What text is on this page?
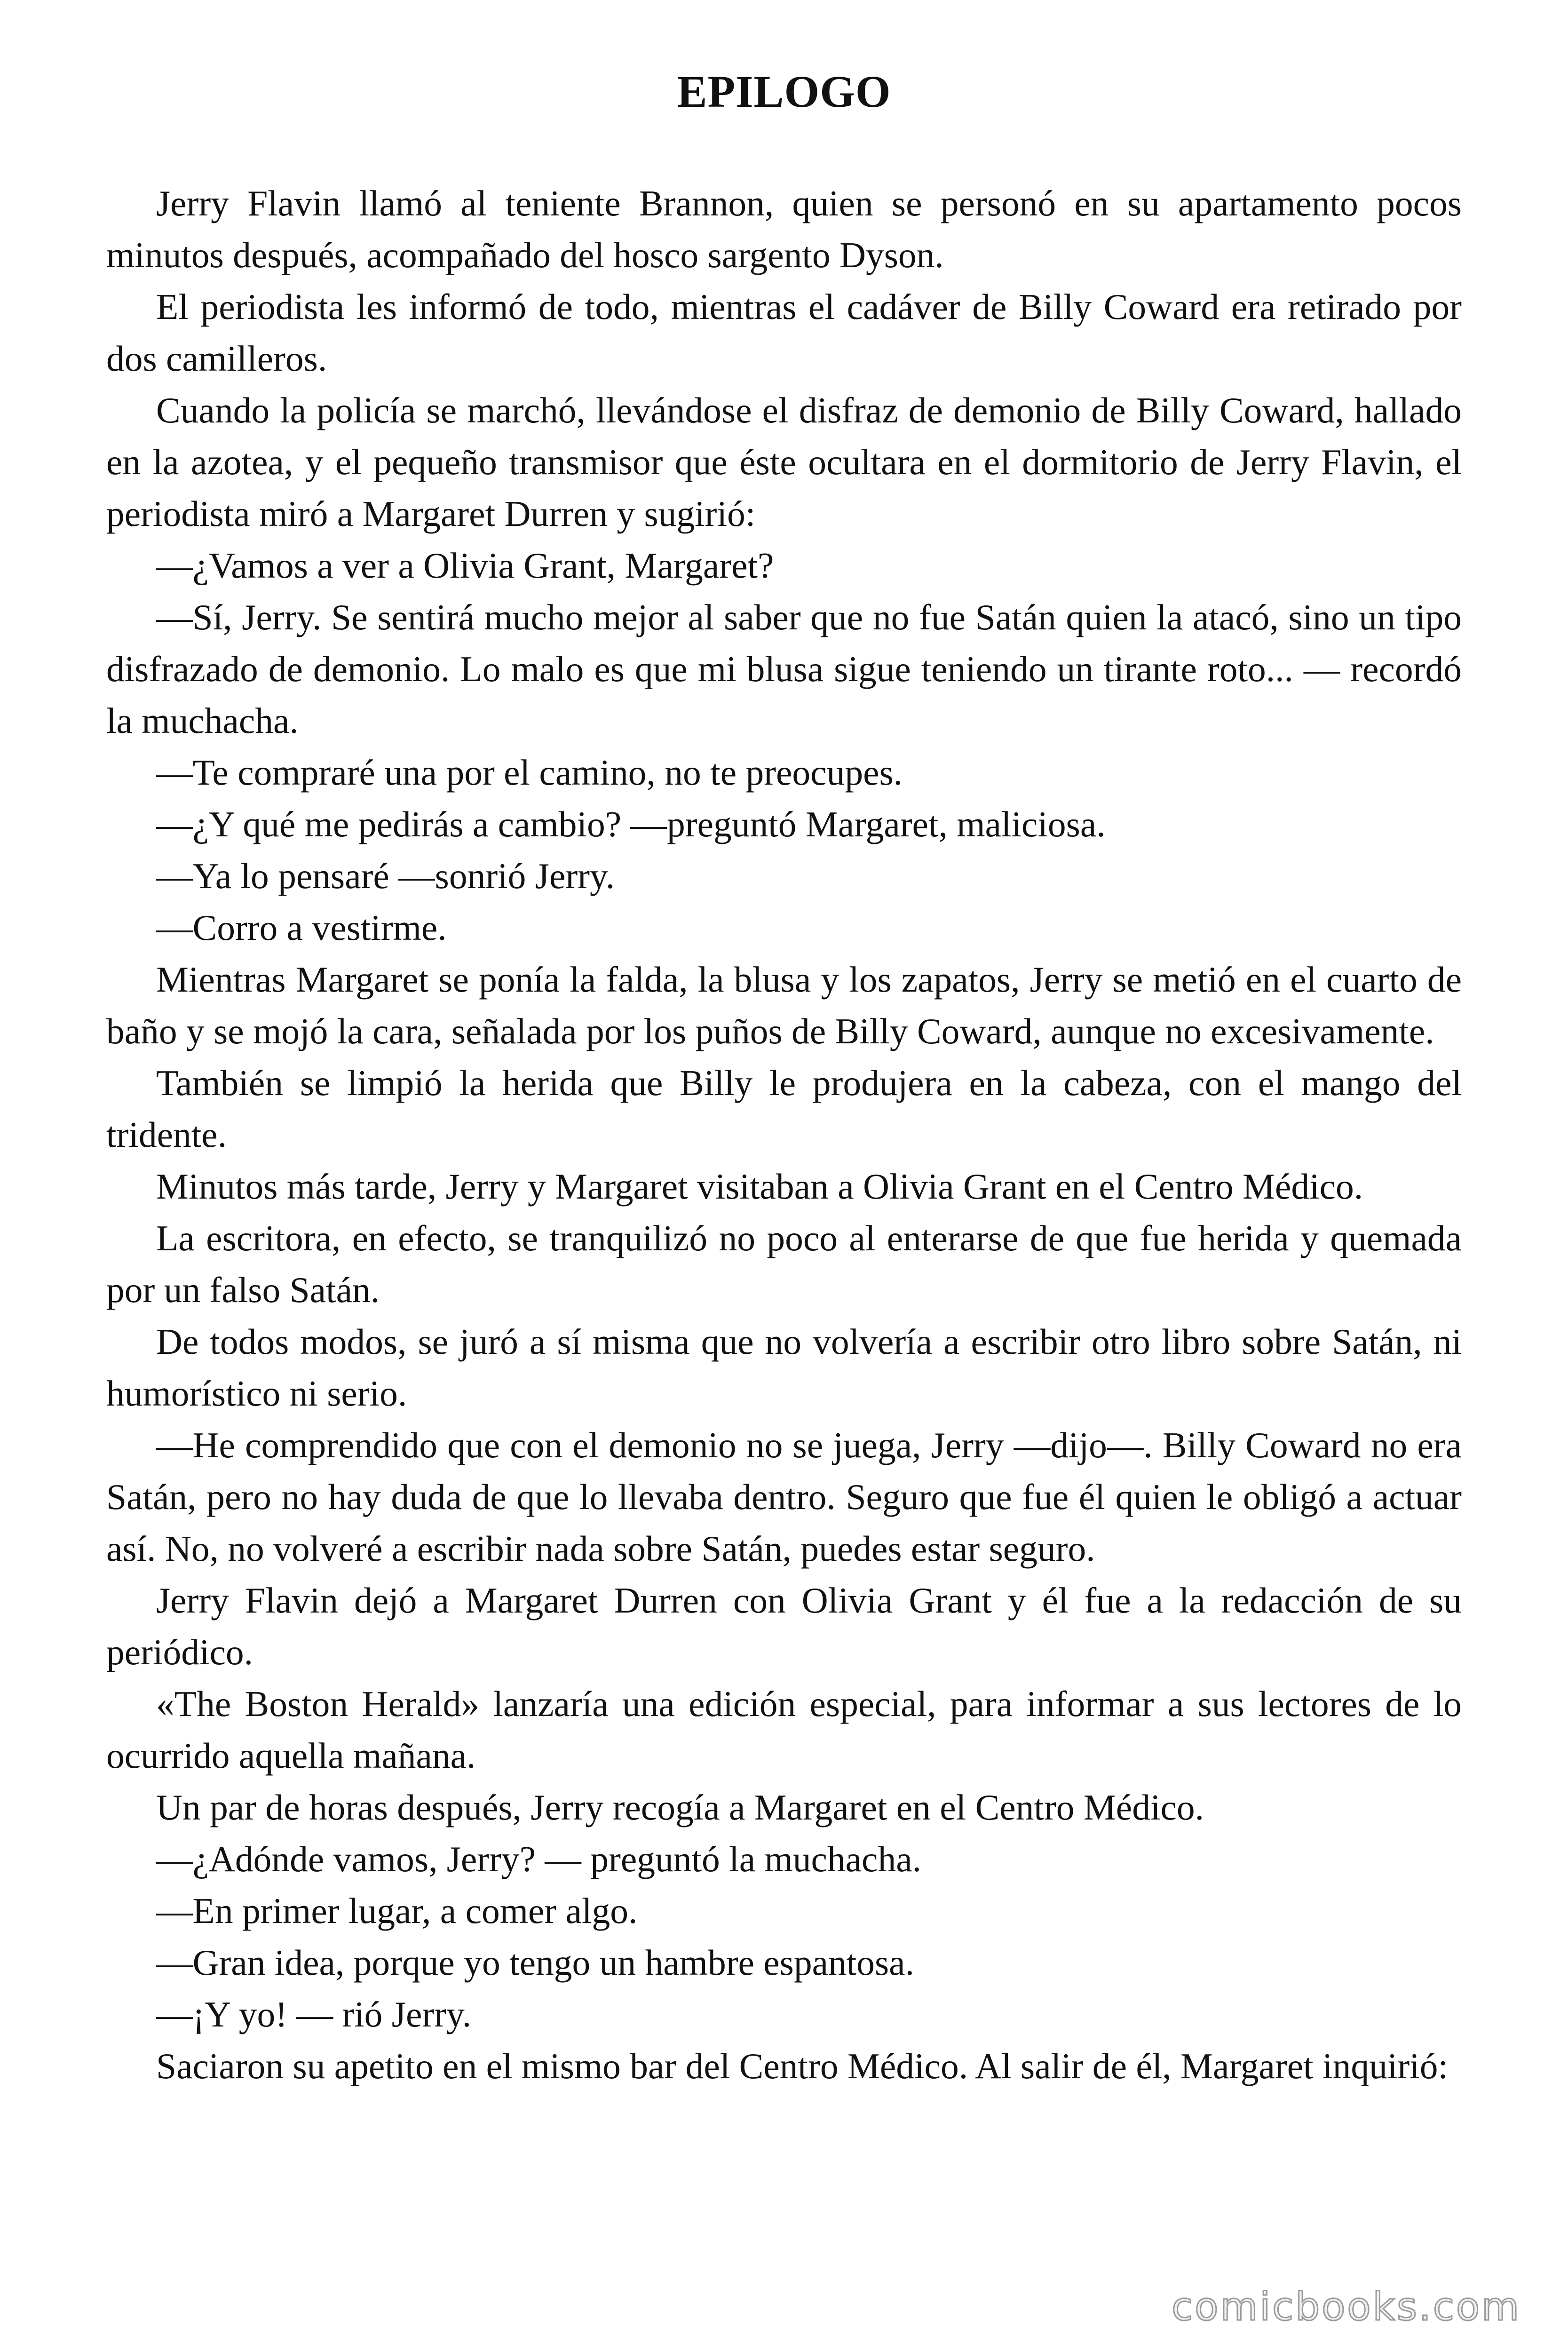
EPILOGO

Jerry Flavin llamó al teniente Brannon, quien se personó en su apartamento pocos minutos después, acompañado del hosco sargento Dyson.

El periodista les informó de todo, mientras el cadáver de Billy Coward era retirado por dos camilleros.

Cuando la policía se marchó, llevándose el disfraz de demonio de Billy Coward, hallado en la azotea, y el pequeño transmisor que éste ocultara en el dormitorio de Jerry Flavin, el periodista miró a Margaret Durren y sugirió:

—¿Vamos a ver a Olivia Grant, Margaret?

—Sí, Jerry. Se sentirá mucho mejor al saber que no fue Satán quien la atacó, sino un tipo disfrazado de demonio. Lo malo es que mi blusa sigue teniendo un tirante roto... — recordó la muchacha.

—Te compraré una por el camino, no te preocupes.

—¿Y qué me pedirás a cambio? —preguntó Margaret, maliciosa.

—Ya lo pensaré —sonrió Jerry.

—Corro a vestirme.

Mientras Margaret se ponía la falda, la blusa y los zapatos, Jerry se metió en el cuarto de baño y se mojó la cara, señalada por los puños de Billy Coward, aunque no excesivamente.

También se limpió la herida que Billy le produjera en la cabeza, con el mango del tridente.

Minutos más tarde, Jerry y Margaret visitaban a Olivia Grant en el Centro Médico.

La escritora, en efecto, se tranquilizó no poco al enterarse de que fue herida y quemada por un falso Satán.

De todos modos, se juró a sí misma que no volvería a escribir otro libro sobre Satán, ni humorístico ni serio.

—He comprendido que con el demonio no se juega, Jerry —dijo—. Billy Coward no era Satán, pero no hay duda de que lo llevaba dentro. Seguro que fue él quien le obligó a actuar así. No, no volveré a escribir nada sobre Satán, puedes estar seguro.

Jerry Flavin dejó a Margaret Durren con Olivia Grant y él fue a la redacción de su periódico.

«The Boston Herald» lanzaría una edición especial, para informar a sus lectores de lo ocurrido aquella mañana.

Un par de horas después, Jerry recogía a Margaret en el Centro Médico.

—¿Adónde vamos, Jerry? — preguntó la muchacha.

—En primer lugar, a comer algo.

—Gran idea, porque yo tengo un hambre espantosa.

—¡Y yo! — rió Jerry.

Saciaron su apetito en el mismo bar del Centro Médico. Al salir de él, Margaret inquirió:

comicbooks.com
